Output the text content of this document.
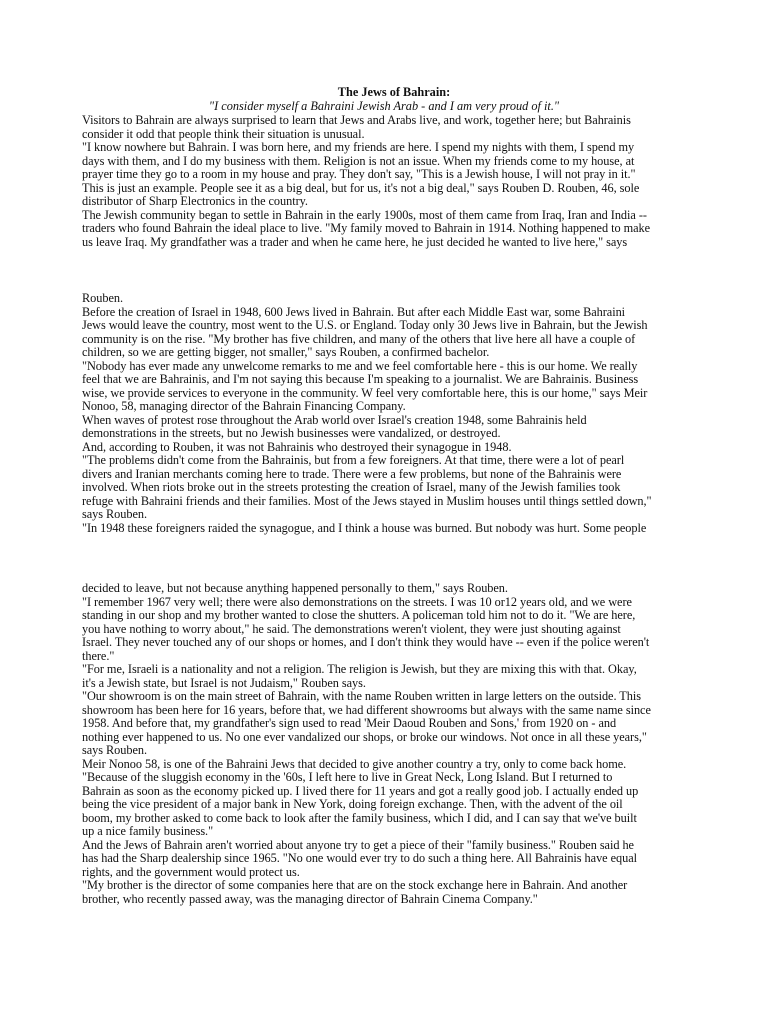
The Jews of Bahrain:
"I consider myself a Bahraini Jewish Arab - and I am very proud of it."
Visitors to Bahrain are always surprised to learn that Jews and Arabs live, and work, together here; but Bahrainis
consider it odd that people think their situation is unusual.
"I know nowhere but Bahrain. I was born here, and my friends are here. I spend my nights with them, I spend my
days with them, and I do my business with them. Religion is not an issue. When my friends come to my house, at
prayer time they go to a room in my house and pray. They don't say, "This is a Jewish house, I will not pray in it."
This is just an example. People see it as a big deal, but for us, it's not a big deal," says Rouben D. Rouben, 46, sole
distributor of Sharp Electronics in the country.
The Jewish community began to settle in Bahrain in the early 1900s, most of them came from Iraq, Iran and India --
traders who found Bahrain the ideal place to live. "My family moved to Bahrain in 1914. Nothing happened to make
us leave Iraq. My grandfather was a trader and when he came here, he just decided he wanted to live here," says
Rouben.
Before the creation of Israel in 1948, 600 Jews lived in Bahrain. But after each Middle East war, some Bahraini
Jews would leave the country, most went to the U.S. or England. Today only 30 Jews live in Bahrain, but the Jewish
community is on the rise. "My brother has five children, and many of the others that live here all have a couple of
children, so we are getting bigger, not smaller," says Rouben, a confirmed bachelor.
"Nobody has ever made any unwelcome remarks to me and we feel comfortable here - this is our home. We really
feel that we are Bahrainis, and I'm not saying this because I'm speaking to a journalist. We are Bahrainis. Business
wise, we provide services to everyone in the community. W feel very comfortable here, this is our home," says Meir
Nonoo, 58, managing director of the Bahrain Financing Company.
When waves of protest rose throughout the Arab world over Israel's creation 1948, some Bahrainis held
demonstrations in the streets, but no Jewish businesses were vandalized, or destroyed.
And, according to Rouben, it was not Bahrainis who destroyed their synagogue in 1948.
"The problems didn't come from the Bahrainis, but from a few foreigners. At that time, there were a lot of pearl
divers and Iranian merchants coming here to trade. There were a few problems, but none of the Bahrainis were
involved. When riots broke out in the streets protesting the creation of Israel, many of the Jewish families took
refuge with Bahraini friends and their families. Most of the Jews stayed in Muslim houses until things settled down,"
says Rouben.
"In 1948 these foreigners raided the synagogue, and I think a house was burned. But nobody was hurt. Some people
decided to leave, but not because anything happened personally to them," says Rouben.
"I remember 1967 very well; there were also demonstrations on the streets. I was 10 or12 years old, and we were
standing in our shop and my brother wanted to close the shutters. A policeman told him not to do it. "We are here,
you have nothing to worry about," he said. The demonstrations weren't violent, they were just shouting against
Israel. They never touched any of our shops or homes, and I don't think they would have -- even if the police weren't
there."
"For me, Israeli is a nationality and not a religion. The religion is Jewish, but they are mixing this with that. Okay,
it's a Jewish state, but Israel is not Judaism," Rouben says.
"Our showroom is on the main street of Bahrain, with the name Rouben written in large letters on the outside. This
showroom has been here for 16 years, before that, we had different showrooms but always with the same name since
1958. And before that, my grandfather's sign used to read 'Meir Daoud Rouben and Sons,' from 1920 on - and
nothing ever happened to us. No one ever vandalized our shops, or broke our windows. Not once in all these years,"
says Rouben.
Meir Nonoo 58, is one of the Bahraini Jews that decided to give another country a try, only to come back home.
"Because of the sluggish economy in the '60s, I left here to live in Great Neck, Long Island. But I returned to
Bahrain as soon as the economy picked up. I lived there for 11 years and got a really good job. I actually ended up
being the vice president of a major bank in New York, doing foreign exchange. Then, with the advent of the oil
boom, my brother asked to come back to look after the family business, which I did, and I can say that we've built
up a nice family business."
And the Jews of Bahrain aren't worried about anyone try to get a piece of their "family business." Rouben said he
has had the Sharp dealership since 1965. "No one would ever try to do such a thing here. All Bahrainis have equal
rights, and the government would protect us.
"My brother is the director of some companies here that are on the stock exchange here in Bahrain. And another
brother, who recently passed away, was the managing director of Bahrain Cinema Company."
